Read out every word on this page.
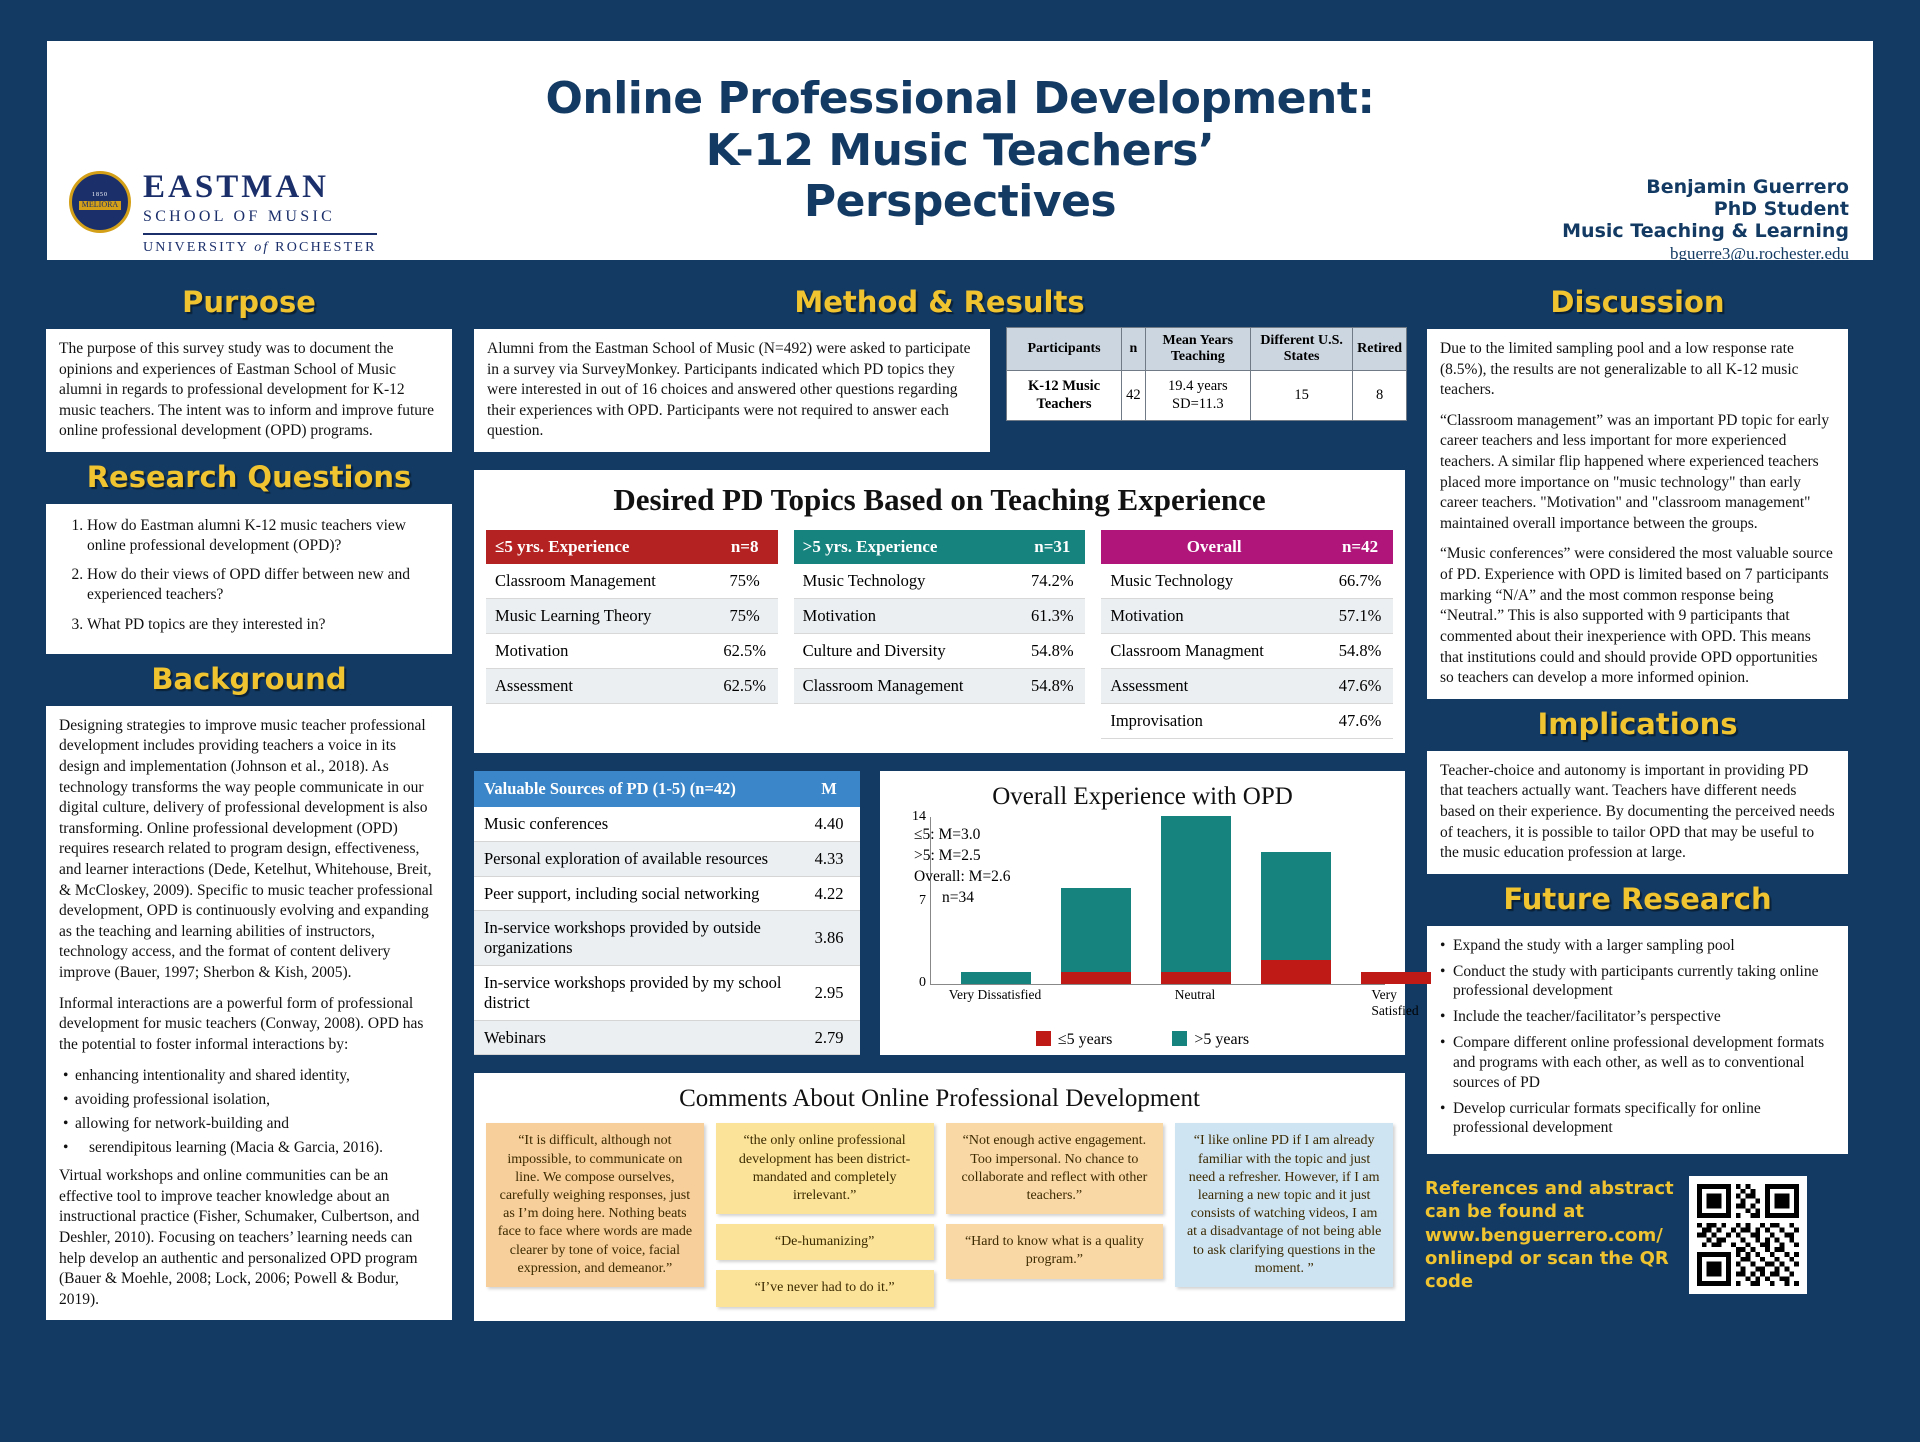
1850
MELIORA EASTMAN
SCHOOL OF MUSIC
UNIVERSITY of ROCHESTER
Online Professional Development:
K-12 Music Teachers’
Perspectives	Benjamin Guerrero
PhD Student
Music Teaching & Learning
bguerre3@u.rochester.edu
Purpose

The purpose of this survey study was to document the opinions and experiences of Eastman School of Music alumni in regards to professional development for K-12 music teachers. The intent was to inform and improve future online professional development (OPD) programs.

Research Questions
1. How do Eastman alumni K-12 music teachers view online professional development (OPD)?
2. How do their views of OPD differ between new and experienced teachers?
3. What PD topics are they interested in?
Background

Designing strategies to improve music teacher professional development includes providing teachers a voice in its design and implementation (Johnson et al., 2018). As technology transforms the way people communicate in our digital culture, delivery of professional development is also transforming. Online professional development (OPD) requires research related to program design, effectiveness, and learner interactions (Dede, Ketelhut, Whitehouse, Breit, & McCloskey, 2009). Specific to music teacher professional development, OPD is continuously evolving and expanding as the teaching and learning abilities of instructors, technology access, and the format of content delivery improve (Bauer, 1997; Sherbon & Kish, 2005).

Informal interactions are a powerful form of professional development for music teachers (Conway, 2008). OPD has the potential to foster informal interactions by:

• enhancing intentionality and shared identity,
• avoiding professional isolation,
• allowing for network-building and
• serendipitous learning (Macia & Garcia, 2016).

Virtual workshops and online communities can be an effective tool to improve teacher knowledge about an instructional practice (Fisher, Schumaker, Culbertson, and Deshler, 2010). Focusing on teachers’ learning needs can help develop an authentic and personalized OPD program (Bauer & Moehle, 2008; Lock, 2006; Powell & Bodur, 2019).

Method & Results

Alumni from the Eastman School of Music (N=492) were asked to participate in a survey via SurveyMonkey. Participants indicated which PD topics they were interested in out of 16 choices and answered other questions regarding their experiences with OPD. Participants were not required to answer each question.

Participants	n	Mean Years Teaching	Different U.S. States	Retired
K-12 Music Teachers	42	19.4 years SD=11.3	15	8
Desired PD Topics Based on Teaching Experience
≤5 yrs. Experience	n=8
Classroom Management	75%
Music Learning Theory	75%
Motivation	62.5%
Assessment	62.5%
>5 yrs. Experience	n=31
Music Technology	74.2%
Motivation	61.3%
Culture and Diversity	54.8%
Classroom Management	54.8%
Overall	n=42
Music Technology	66.7%
Motivation	57.1%
Classroom Managment	54.8%
Assessment	47.6%
Improvisation	47.6%
Valuable Sources of PD (1-5) (n=42)	M
Music conferences	4.40
Personal exploration of available resources	4.33
Peer support, including social networking	4.22
In-service workshops provided by outside organizations	3.86
In-service workshops provided by my school district	2.95
Webinars	2.79
Overall Experience with OPD
≤5: M=3.0
>5: M=2.5
Overall: M=2.6
n=34
14
7
0
Very Dissatisfied	Neutral	Very Satisfied
≤5 years	>5 years
Comments About Online Professional Development
“It is difficult, although not impossible, to communicate on line. We compose ourselves, carefully weighing responses, just as I’m doing here. Nothing beats face to face where words are made clearer by tone of voice, facial expression, and demeanor.”
“the only online professional development has been district-mandated and completely irrelevant.”
“De-humanizing”
“I’ve never had to do it.”
“Not enough active engagement. Too impersonal. No chance to collaborate and reflect with other teachers.”
“Hard to know what is a quality program.”
“I like online PD if I am already familiar with the topic and just need a refresher. However, if I am learning a new topic and it just consists of watching videos, I am at a disadvantage of not being able to ask clarifying questions in the moment. ”
Discussion

Due to the limited sampling pool and a low response rate (8.5%), the results are not generalizable to all K-12 music teachers.

“Classroom management” was an important PD topic for early career teachers and less important for more experienced teachers. A similar flip happened where experienced teachers placed more importance on "music technology" than early career teachers. "Motivation" and "classroom management" maintained overall importance between the groups.

“Music conferences” were considered the most valuable source of PD. Experience with OPD is limited based on 7 participants marking “N/A” and the most common response being “Neutral.” This is also supported with 9 participants that commented about their inexperience with OPD. This means that institutions could and should provide OPD opportunities so teachers can develop a more informed opinion.

Implications

Teacher-choice and autonomy is important in providing PD that teachers actually want. Teachers have different needs based on their experience. By documenting the perceived needs of teachers, it is possible to tailor OPD that may be useful to the music education profession at large.

Future Research
• Expand the study with a larger sampling pool
• Conduct the study with participants currently taking online professional development
• Include the teacher/facilitator’s perspective
• Compare different online professional development formats and programs with each other, as well as to conventional sources of PD
• Develop curricular formats specifically for online professional development
References and abstract
can be found at
www.benguerrero.com/
onlinepd or scan the QR
code
